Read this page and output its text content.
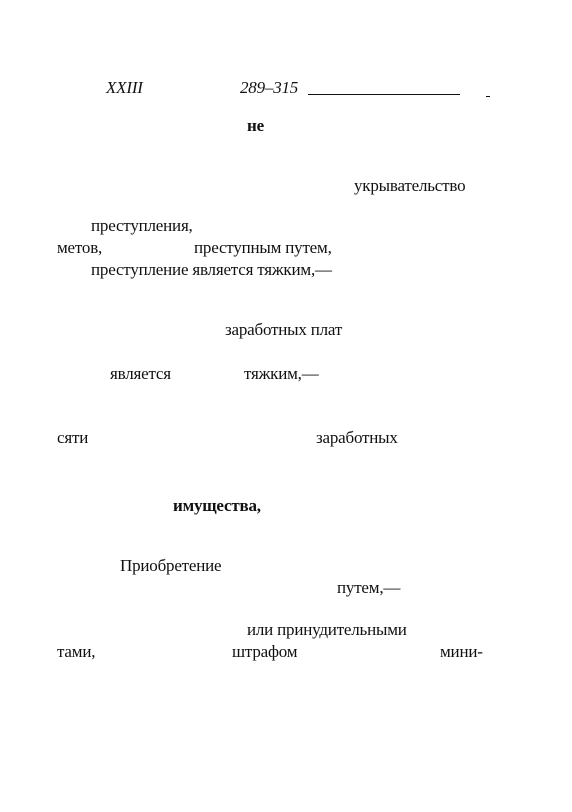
XXIII	289–315
не
укрывательство
преступления,
метов,	преступным путем,
преступление является тяжким,—
заработных плат
является	тяжким,—
сяти	заработных
имущества,
Приобретение
путем,—
или принудительными
тами,	штрафом	мини-
